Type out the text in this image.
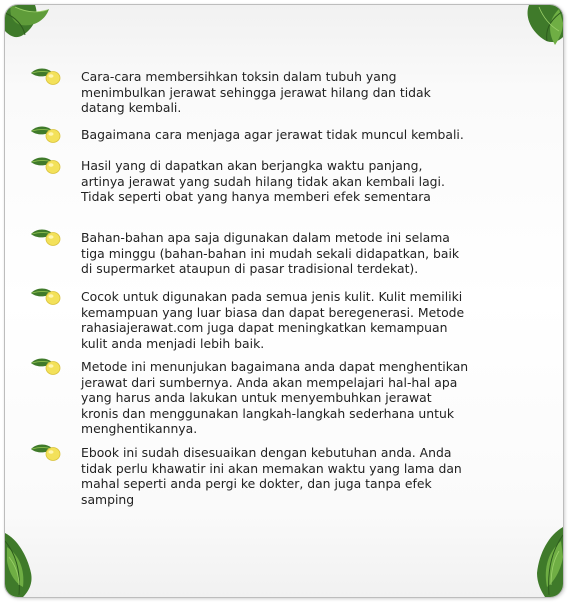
Cara-cara membersihkan toksin dalam tubuh yang menimbulkan jerawat sehingga jerawat hilang dan tidak datang kembali.
Bagaimana cara menjaga agar jerawat tidak muncul kembali.
Hasil yang di dapatkan akan berjangka waktu panjang, artinya jerawat yang sudah hilang tidak akan kembali lagi. Tidak seperti obat yang hanya memberi efek sementara
Bahan-bahan apa saja digunakan dalam metode ini selama tiga minggu (bahan-bahan ini mudah sekali didapatkan, baik di supermarket ataupun di pasar tradisional terdekat).
Cocok untuk digunakan pada semua jenis kulit. Kulit memiliki kemampuan yang luar biasa dan dapat beregenerasi. Metode rahasiajerawat.com juga dapat meningkatkan kemampuan kulit anda menjadi lebih baik.
Metode ini menunjukan bagaimana anda dapat menghentikan jerawat dari sumbernya. Anda akan mempelajari hal-hal apa yang harus anda lakukan untuk menyembuhkan jerawat kronis dan menggunakan langkah-langkah sederhana untuk menghentikannya.
Ebook ini sudah disesuaikan dengan kebutuhan anda. Anda tidak perlu khawatir ini akan memakan waktu yang lama dan mahal seperti anda pergi ke dokter, dan juga tanpa efek samping
